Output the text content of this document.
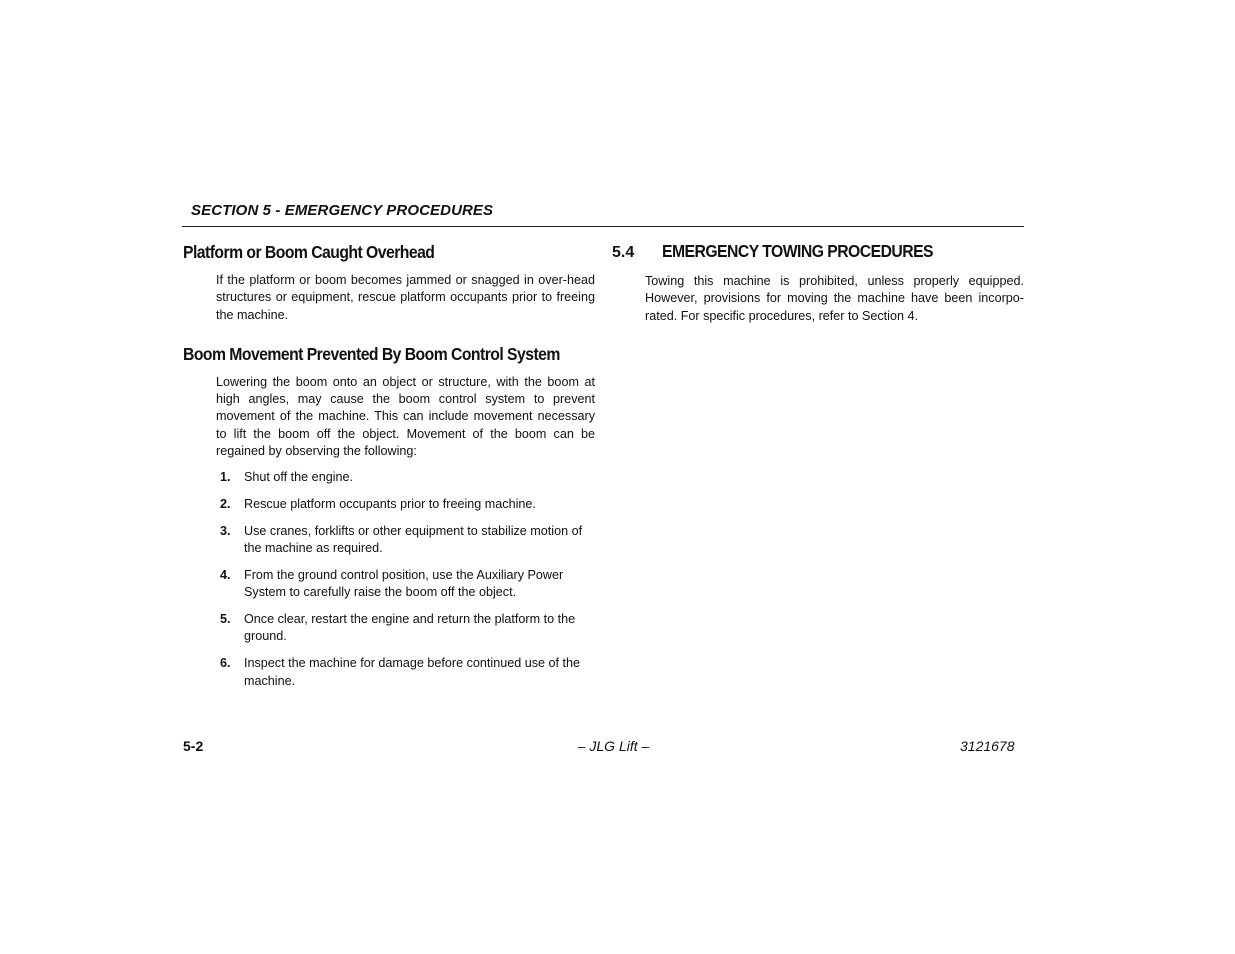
SECTION 5 - EMERGENCY PROCEDURES
Platform or Boom Caught Overhead

If the platform or boom becomes jammed or snagged in over-head structures or equipment, rescue platform occupants prior to freeing the machine.

Boom Movement Prevented By Boom Control System

Lowering the boom onto an object or structure, with the boom at high angles, may cause the boom control system to prevent movement of the machine. This can include movement necessary to lift the boom off the object. Movement of the boom can be regained by observing the following:

1. Shut off the engine.
2. Rescue platform occupants prior to freeing machine.
3. Use cranes, forklifts or other equipment to stabilize motion of the machine as required.
4. From the ground control position, use the Auxiliary Power System to carefully raise the boom off the object.
5. Once clear, restart the engine and return the platform to the ground.
6. Inspect the machine for damage before continued use of the machine.
5.4	EMERGENCY TOWING PROCEDURES

Towing this machine is prohibited, unless properly equipped. However, provisions for moving the machine have been incorpo-rated. For specific procedures, refer to Section 4.

5-2	– JLG Lift –	3121678
